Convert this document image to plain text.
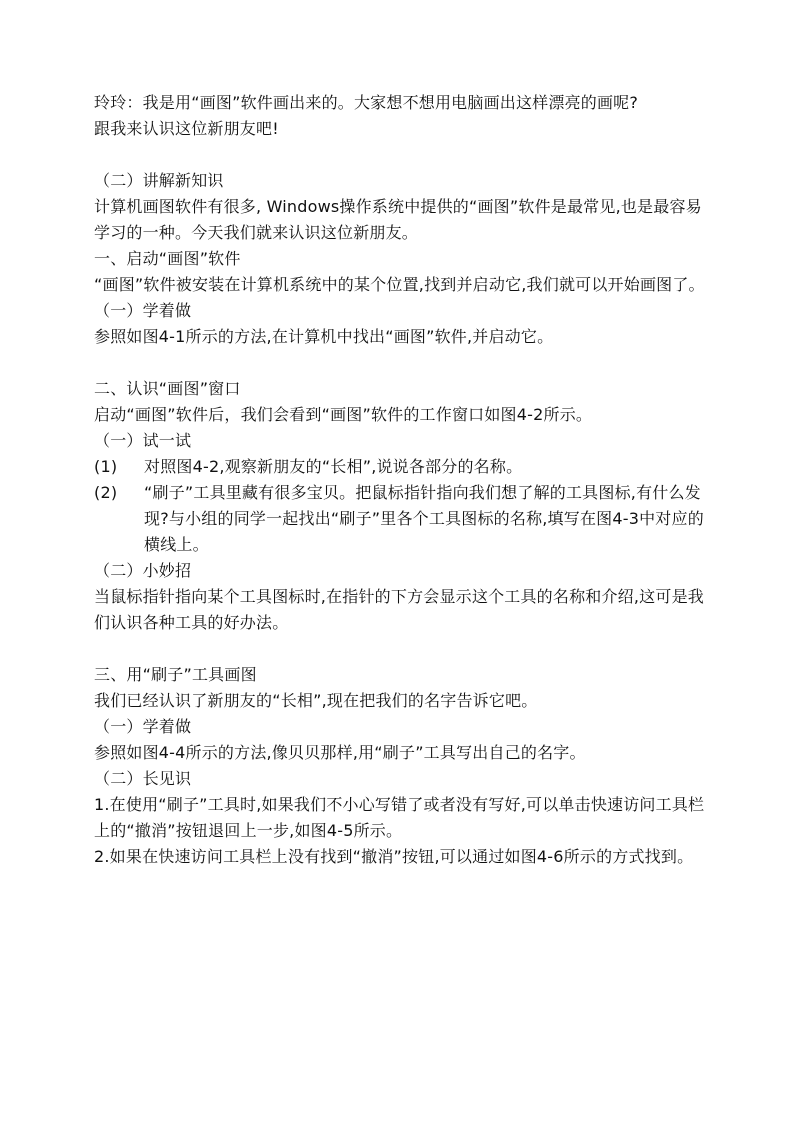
玲玲：我是用“画图”软件画出来的。大家想不想用电脑画出这样漂亮的画呢?

跟我来认识这位新朋友吧!

（二）讲解新知识

计算机画图软件有很多, Windows操作系统中提供的“画图”软件是最常见,也是最容易学习的一种。今天我们就来认识这位新朋友。

一、启动“画图”软件

“画图”软件被安装在计算机系统中的某个位置,找到并启动它,我们就可以开始画图了。

（一）学着做

参照如图4-1所示的方法,在计算机中找出“画图”软件,并启动它。

二、认识“画图”窗口

启动“画图”软件后，我们会看到“画图”软件的工作窗口如图4-2所示。

（一）试一试

(1)	对照图4-2,观察新朋友的“长相”,说说各部分的名称。
(2)	“刷子”工具里藏有很多宝贝。把鼠标指针指向我们想了解的工具图标,有什么发现?与小组的同学一起找出“刷子”里各个工具图标的名称,填写在图4-3中对应的横线上。

（二）小妙招

当鼠标指针指向某个工具图标时,在指针的下方会显示这个工具的名称和介绍,这可是我们认识各种工具的好办法。

三、用“刷子”工具画图

我们已经认识了新朋友的“长相”,现在把我们的名字告诉它吧。

（一）学着做

参照如图4-4所示的方法,像贝贝那样,用“刷子”工具写出自己的名字。

（二）长见识

1.在使用“刷子”工具时,如果我们不小心写错了或者没有写好,可以单击快速访问工具栏上的“撤消”按钮退回上一步,如图4-5所示。

2.如果在快速访问工具栏上没有找到“撤消”按钮,可以通过如图4-6所示的方式找到。
